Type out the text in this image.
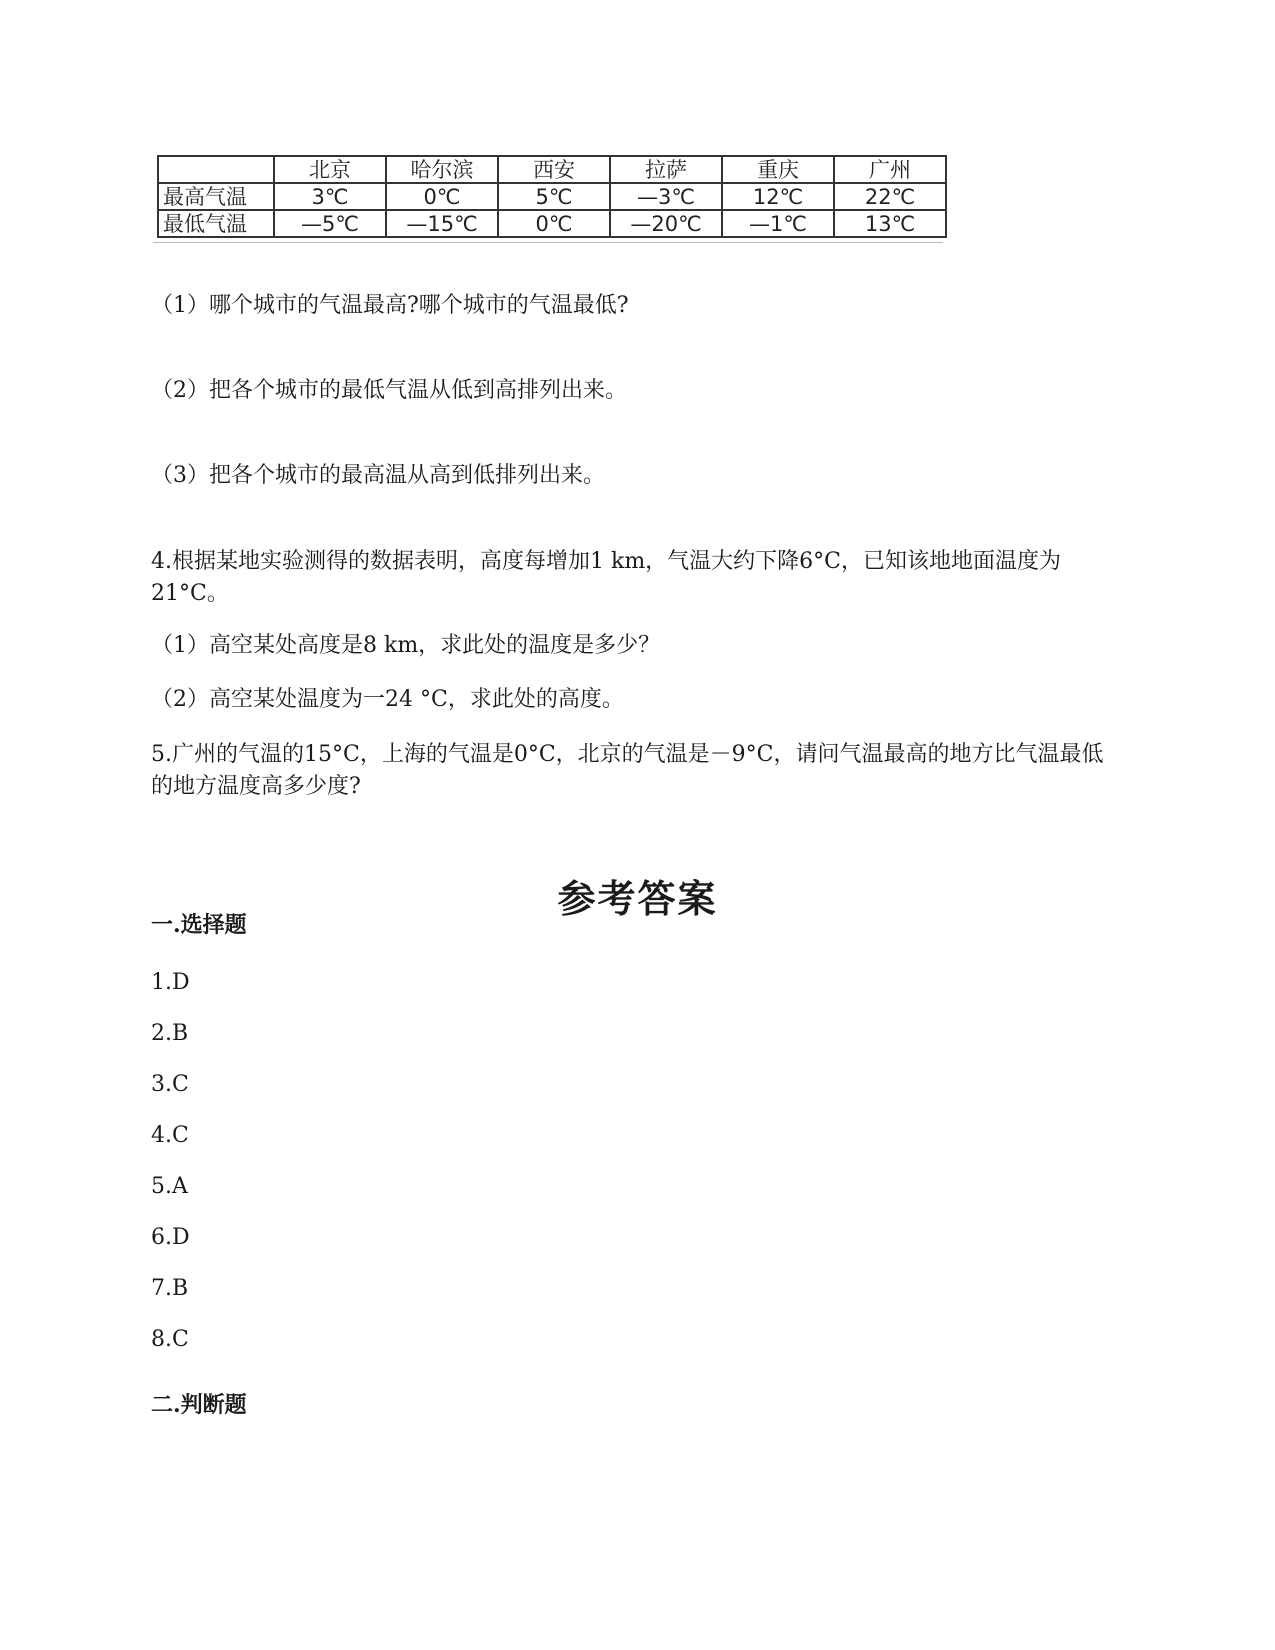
	北京	哈尔滨	西安	拉萨	重庆	广州
最高气温	3℃	0℃	5℃	—3℃	12℃	22℃
最低气温	—5℃	—15℃	0℃	—20℃	—1℃	13℃
（1）哪个城市的气温最高?哪个城市的气温最低?
（2）把各个城市的最低气温从低到高排列出来。
（3）把各个城市的最高温从高到低排列出来。
4.根据某地实验测得的数据表明，高度每增加1 km，气温大约下降6°C，已知该地地面温度为21°C。
（1）高空某处高度是8 km，求此处的温度是多少？
（2）高空某处温度为一24 °C，求此处的高度。
5.广州的气温的15°C，上海的气温是0°C，北京的气温是－9°C，请问气温最高的地方比气温最低的地方温度高多少度?
参考答案
一.选择题
1.D
2.B
3.C
4.C
5.A
6.D
7.B
8.C
二.判断题
